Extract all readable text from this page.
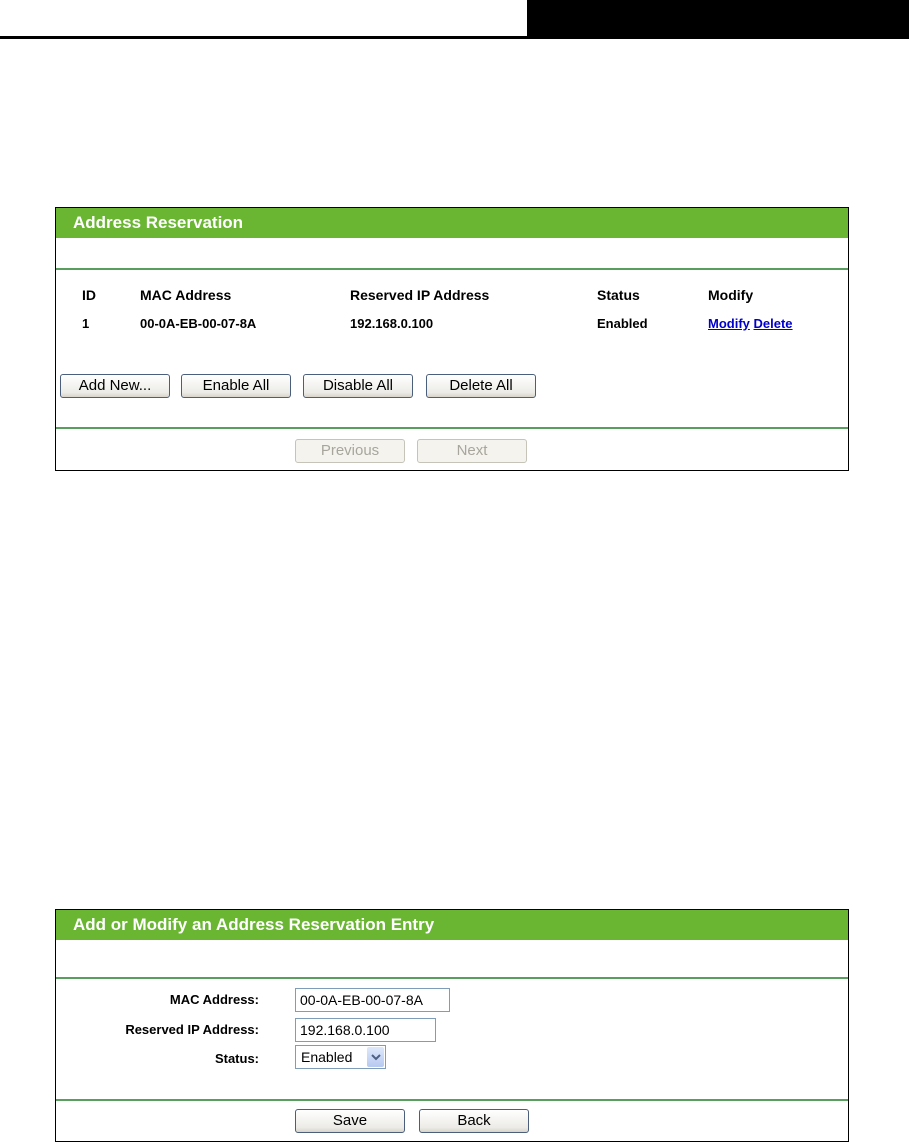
Address Reservation
ID	MAC Address	Reserved IP Address	Status	Modify
1	00-0A-EB-00-07-8A	192.168.0.100	Enabled	Modify Delete
Add New...	Enable All	Disable All	Delete All
Previous	Next
Add or Modify an Address Reservation Entry
MAC Address:
00-0A-EB-00-07-8A
Reserved IP Address:
192.168.0.100
Status:	Enabled
Save	Back
